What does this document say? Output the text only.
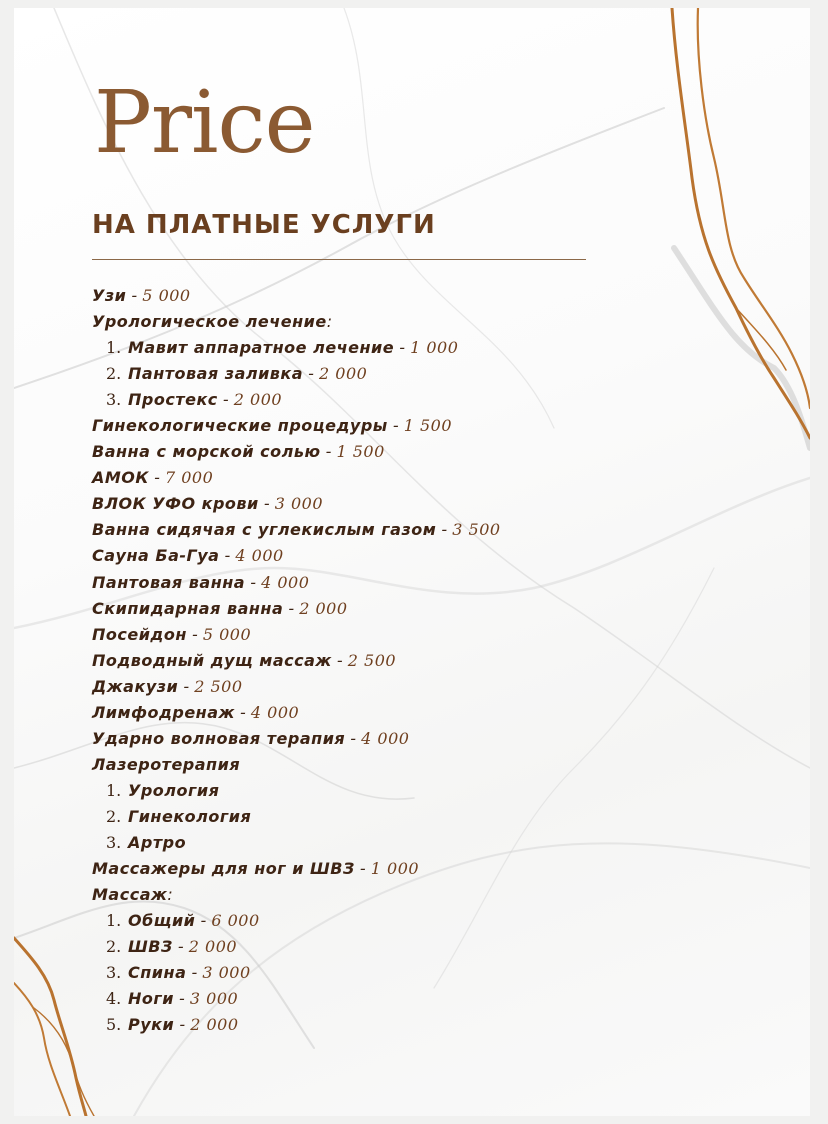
Price
НА ПЛАТНЫЕ УСЛУГИ
Узи - 5 000
Урологическое лечение:
1. Мавит аппаратное лечение - 1 000
2. Пантовая заливка - 2 000
3. Простекс - 2 000
Гинекологические процедуры - 1 500
Ванна с морской солью - 1 500
АМОК - 7 000
ВЛОК УФО крови - 3 000
Ванна сидячая с углекислым газом - 3 500
Сауна Ба-Гуа - 4 000
Пантовая ванна - 4 000
Скипидарная ванна - 2 000
Посейдон - 5 000
Подводный дущ массаж - 2 500
Джакузи - 2 500
Лимфодренаж - 4 000
Ударно волновая терапия - 4 000
Лазеротерапия
1. Урология
2. Гинекология
3. Артро
Массажеры для ног и ШВЗ - 1 000
Массаж:
1. Общий - 6 000
2. ШВЗ - 2 000
3. Спина - 3 000
4. Ноги - 3 000
5. Руки - 2 000
